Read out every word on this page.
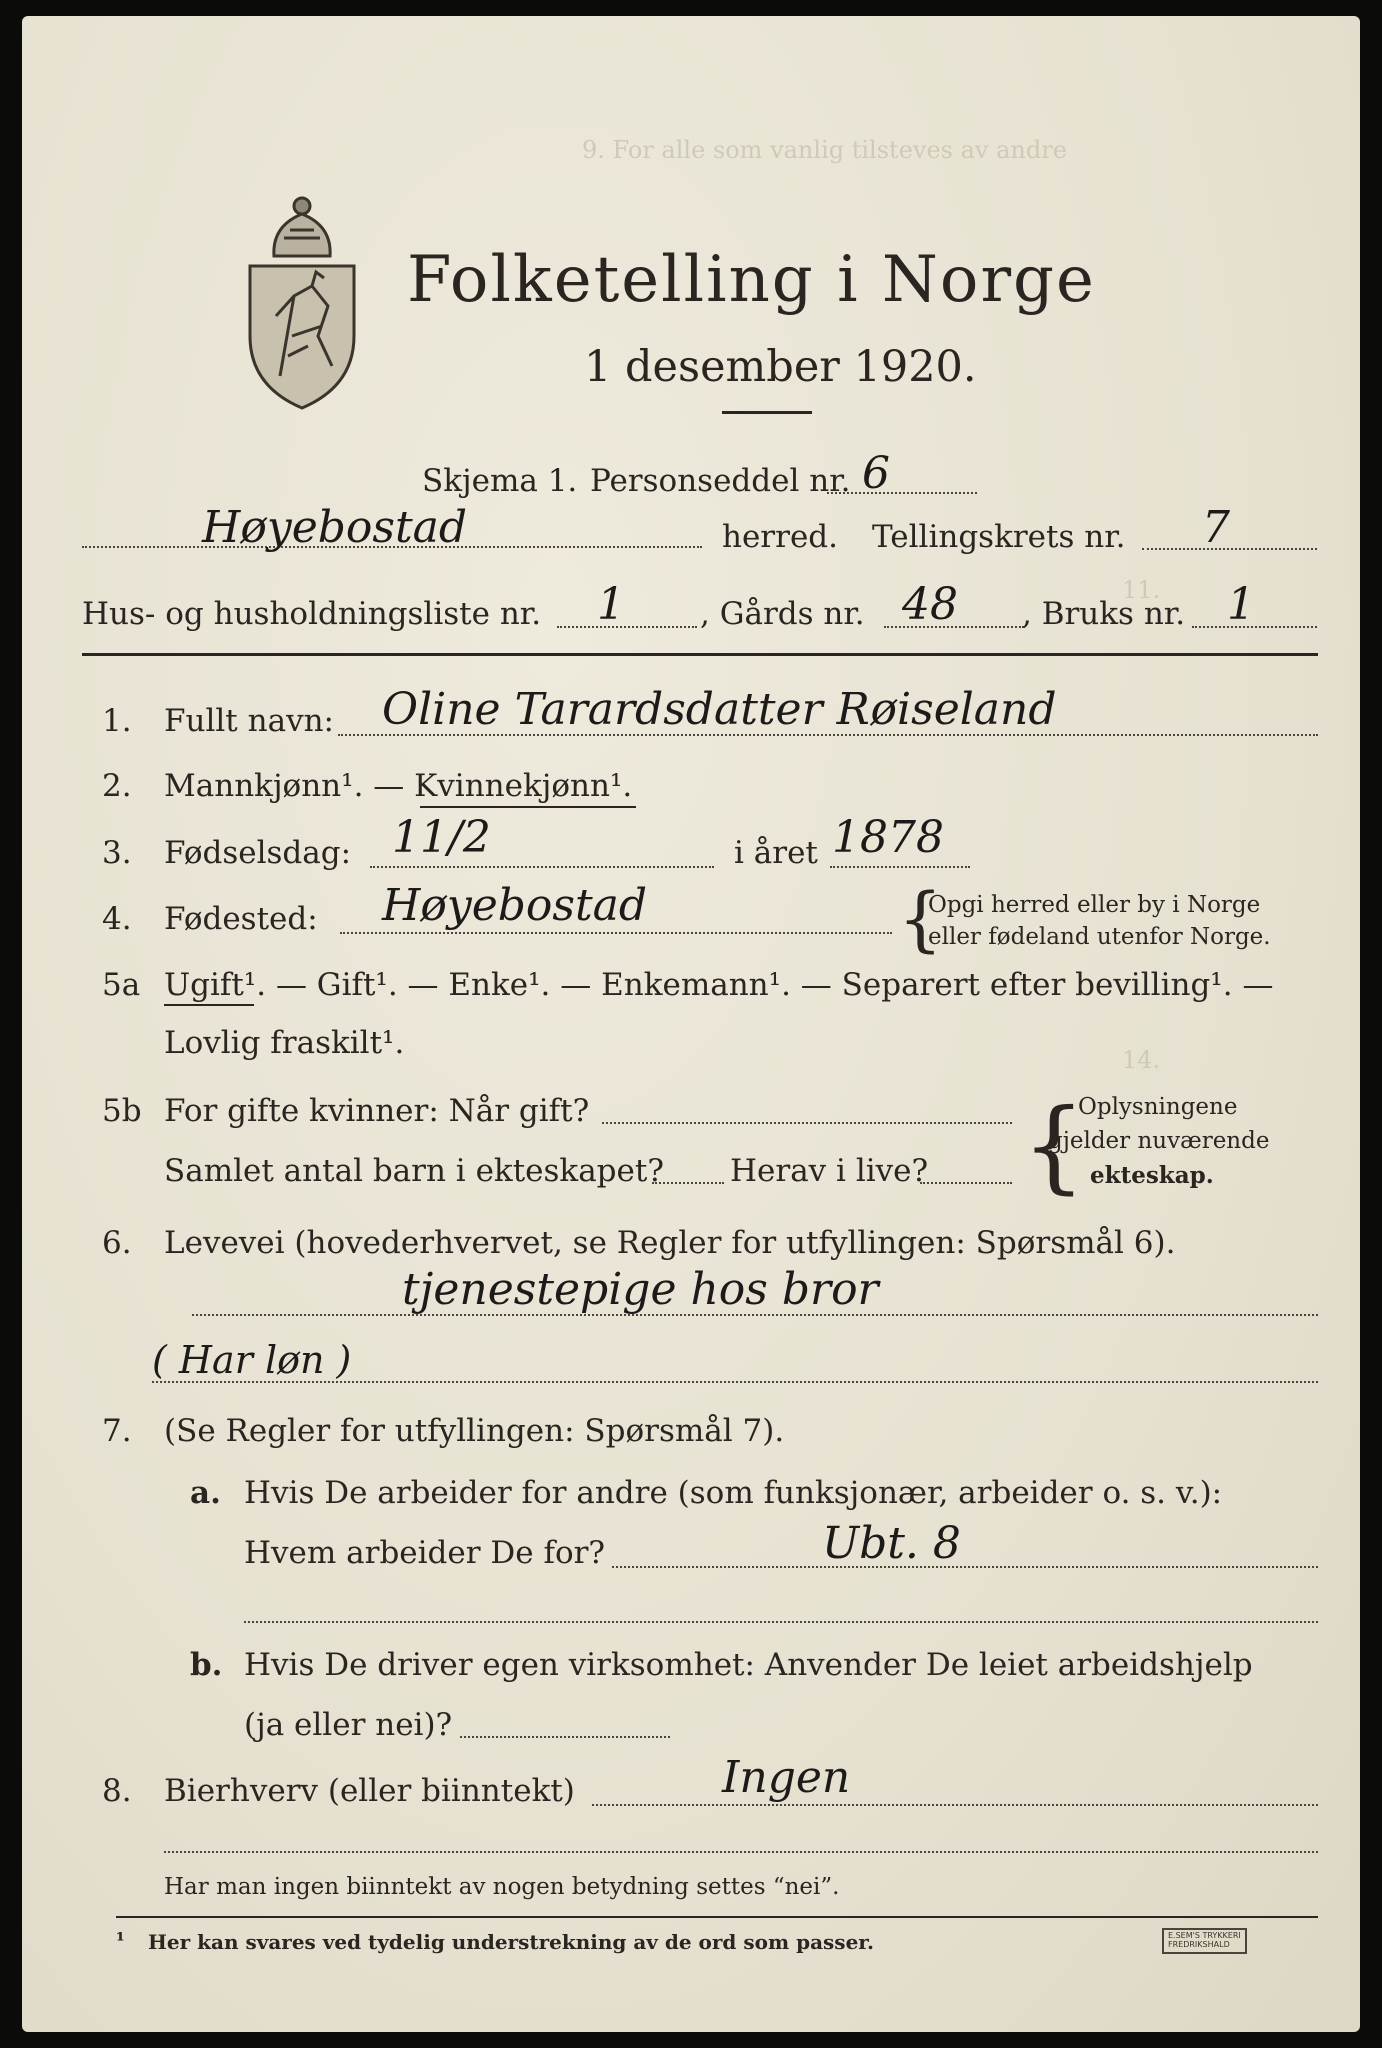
9. For alle som vanlig tilsteves av andre
11.
14.
Folketelling i Norge
1 desember 1920.
Skjema 1. Personseddel nr. 6
Høyebostad	herred. Tellingskrets nr. 7
Hus- og husholdningsliste nr. 1 , Gårds nr. 48 , Bruks nr. 1
1. Fullt navn: Oline Tarardsdatter Røiseland
2. Mannkjønn¹. — Kvinnekjønn¹.
3. Fødselsdag: 11/2	i året 1878
4. Fødested: Høyebostad	{
Opgi herred eller by i Norge
eller fødeland utenfor Norge.
5a Ugift¹. — Gift¹. — Enke¹. — Enkemann¹. — Separert efter bevilling¹. —
Lovlig fraskilt¹.
5b For gifte kvinner: Når gift?
Samlet antal barn i ekteskapet? Herav i live? {
Oplysningene
gjelder nuværende
ekteskap.
6. Levevei (hovederhvervet, se Regler for utfyllingen: Spørsmål 6).
tjenestepige hos bror
( Har løn )
7. (Se Regler for utfyllingen: Spørsmål 7).
a. Hvis De arbeider for andre (som funksjonær, arbeider o. s. v.):
Hvem arbeider De for?	Ubt. 8
b. Hvis De driver egen virksomhet: Anvender De leiet arbeidshjelp
(ja eller nei)?
8. Bierhverv (eller biinntekt)	Ingen
Har man ingen biinntekt av nogen betydning settes “nei”.
¹ Her kan svares ved tydelig understrekning av de ord som passer.	E.SEM'S TRYKKERI
FREDRIKSHALD
